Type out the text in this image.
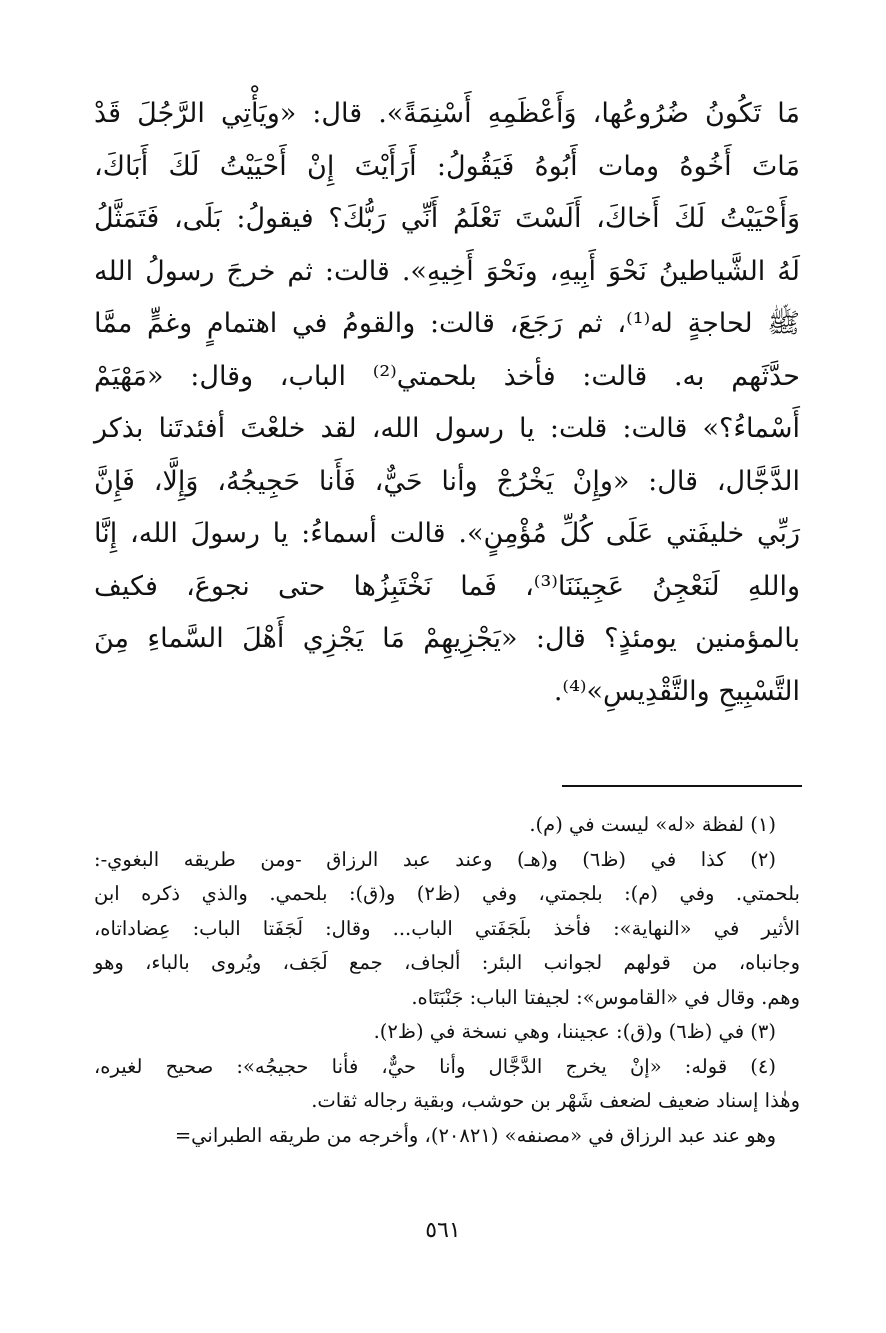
مَا تَكُونُ ضُرُوعُها، وَأَعْظَمِهِ أَسْنِمَةً». قال: «ويَأْتِي الرَّجُلَ قَدْ
مَاتَ أَخُوهُ ومات أَبُوهُ فَيَقُولُ: أَرَأَيْتَ إِنْ أَحْيَيْتُ لَكَ أَبَاكَ،
وَأَحْيَيْتُ لَكَ أَخاكَ، أَلَسْتَ تَعْلَمُ أَنِّي رَبُّكَ؟ فيقولُ: بَلَى، فَتَمَثَّلُ
لَهُ الشَّياطينُ نَحْوَ أَبِيهِ، ونَحْوَ أَخِيهِ». قالت: ثم خرجَ رسولُ الله
ﷺ لحاجةٍ له⁽¹⁾، ثم رَجَعَ، قالت: والقومُ في اهتمامٍ وغمٍّ ممَّا
حدَّثَهم به. قالت: فأخذ بلحمتي⁽²⁾ الباب، وقال: «مَهْيَمْ
أَسْماءُ؟» قالت: قلت: يا رسول الله، لقد خلعْتَ أفئدتَنا بذكر
الدَّجَّال، قال: «وإِنْ يَخْرُجْ وأنا حَيٌّ، فَأَنا حَجِيجُهُ، وَإِلَّا، فَإِنَّ
رَبِّي خليفَتي عَلَى كُلِّ مُؤْمِنٍ». قالت أسماءُ: يا رسولَ الله، إِنَّا
واللهِ لَنَعْجِنُ عَجِينَنَا⁽³⁾، فَما نَخْتَبِزُها حتى نجوعَ، فكيف
بالمؤمنين يومئذٍ؟ قال: «يَجْزِيهِمْ مَا يَجْزِي أَهْلَ السَّماءِ مِنَ
التَّسْبِيحِ والتَّقْدِيسِ»⁽⁴⁾.
(١) لفظة «له» ليست في (م).
(٢) كذا في (ظ٦) و(هـ) وعند عبد الرزاق -ومن طريقه البغوي-:
بلحمتي. وفي (م): بلجمتي، وفي (ظ٢) و(ق): بلحمي. والذي ذكره ابن
الأثير في «النهاية»: فأخذ بلَجَفَتي الباب... وقال: لَجَفَتا الباب: عِضاداتاه،
وجانباه، من قولهم لجوانب البئر: ألجاف، جمع لَجَف، ويُروى بالباء، وهو
وهم. وقال في «القاموس»: لجيفتا الباب: جَنْبَتَاه.
(٣) في (ظ٦) و(ق): عجيننا، وهي نسخة في (ظ٢).
(٤) قوله: «إنْ يخرج الدَّجَّال وأنا حيٌّ، فأنا حجيجُه»: صحيح لغيره،
وهٰذا إسناد ضعيف لضعف شَهْر بن حوشب، وبقية رجاله ثقات.
وهو عند عبد الرزاق في «مصنفه» (٢٠٨٢١)، وأخرجه من طريقه الطبراني=
٥٦١
